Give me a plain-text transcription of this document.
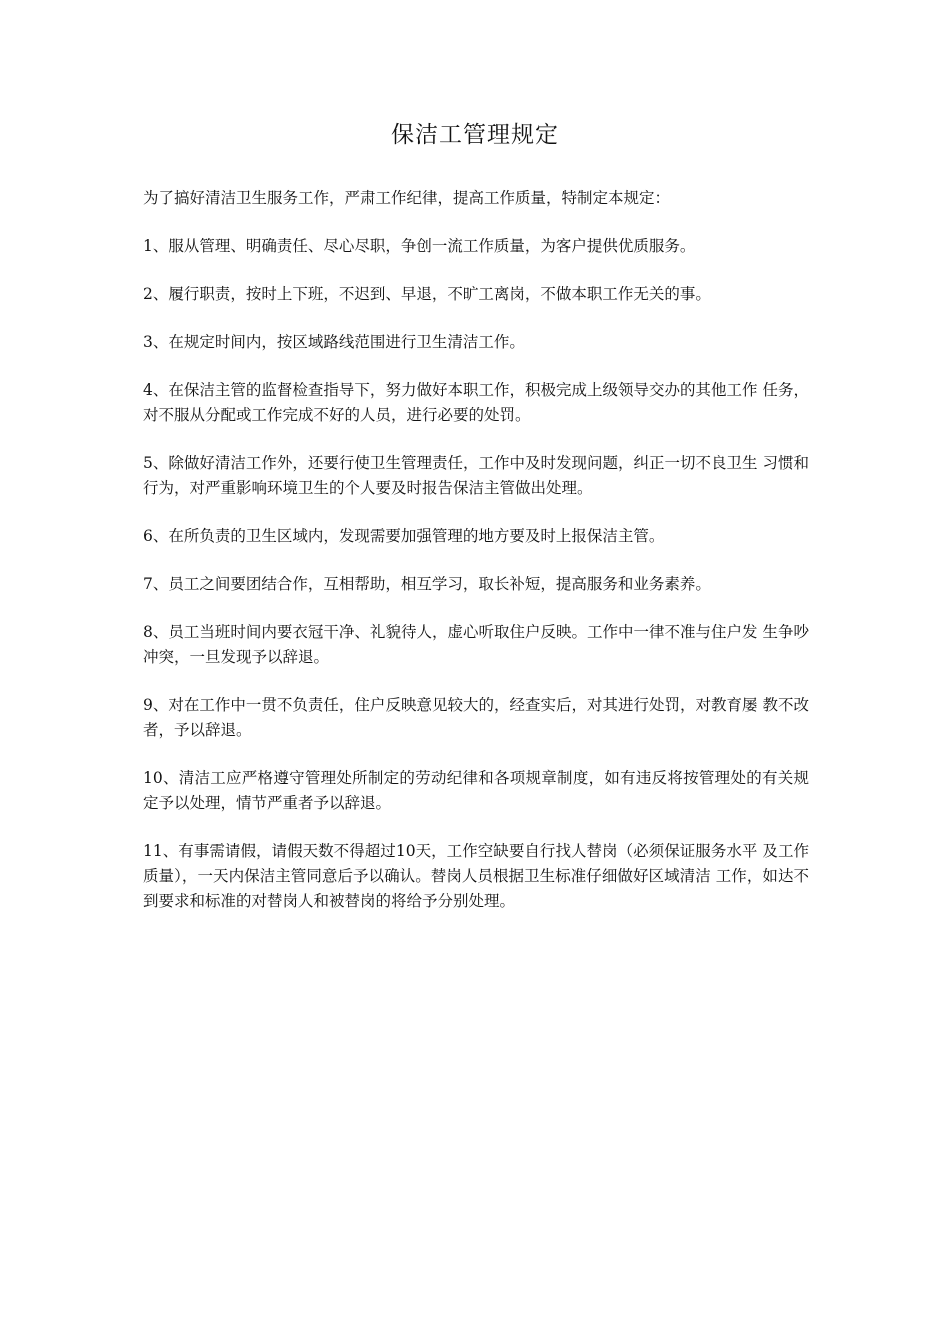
保洁工管理规定

为了搞好清洁卫生服务工作，严肃工作纪律，提高工作质量，特制定本规定：

1、服从管理、明确责任、尽心尽职，争创一流工作质量，为客户提供优质服务。

2、履行职责，按时上下班，不迟到、早退，不旷工离岗，不做本职工作无关的事。

3、在规定时间内，按区域路线范围进行卫生清洁工作。

4、在保洁主管的监督检查指导下，努力做好本职工作，积极完成上级领导交办的其他工作 任务，对不服从分配或工作完成不好的人员，进行必要的处罚。

5、除做好清洁工作外，还要行使卫生管理责任，工作中及时发现问题，纠正一切不良卫生 习惯和行为，对严重影响环境卫生的个人要及时报告保洁主管做出处理。

6、在所负责的卫生区域内，发现需要加强管理的地方要及时上报保洁主管。

7、员工之间要团结合作，互相帮助，相互学习，取长补短，提高服务和业务素养。

8、员工当班时间内要衣冠干净、礼貌待人，虚心听取住户反映。工作中一律不准与住户发 生争吵冲突，一旦发现予以辞退。

9、对在工作中一贯不负责任，住户反映意见较大的，经查实后，对其进行处罚，对教育屡 教不改者，予以辞退。

10、清洁工应严格遵守管理处所制定的劳动纪律和各项规章制度，如有违反将按管理处的有关规定予以处理，情节严重者予以辞退。

11、有事需请假，请假天数不得超过10天，工作空缺要自行找人替岗（必须保证服务水平 及工作质量），一天内保洁主管同意后予以确认。替岗人员根据卫生标准仔细做好区域清洁 工作，如达不到要求和标准的对替岗人和被替岗的将给予分别处理。
